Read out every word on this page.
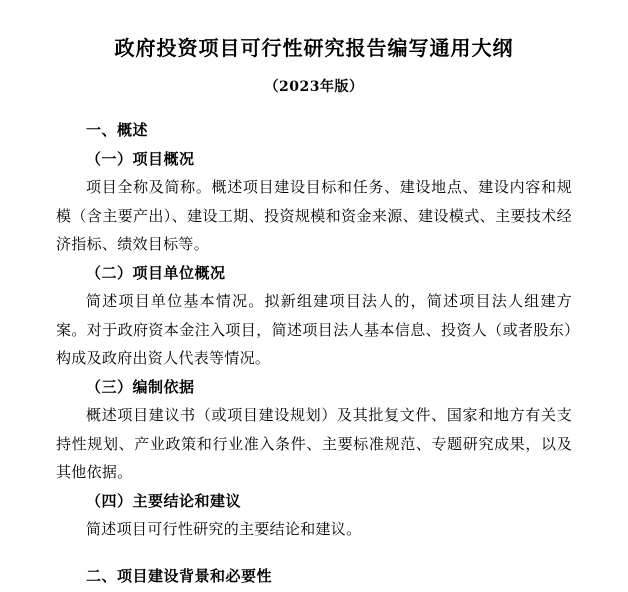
政府投资项目可行性研究报告编写通用大纲
（2023年版）

一、概述

（一）项目概况

项目全称及简称。概述项目建设目标和任务、建设地点、建设内容和规模（含主要产出）、建设工期、投资规模和资金来源、建设模式、主要技术经济指标、绩效目标等。

（二）项目单位概况

简述项目单位基本情况。拟新组建项目法人的，简述项目法人组建方案。对于政府资本金注入项目，简述项目法人基本信息、投资人（或者股东）构成及政府出资人代表等情况。

（三）编制依据

概述项目建议书（或项目建设规划）及其批复文件、国家和地方有关支持性规划、产业政策和行业准入条件、主要标准规范、专题研究成果，以及其他依据。

（四）主要结论和建议

简述项目可行性研究的主要结论和建议。

二、项目建设背景和必要性
